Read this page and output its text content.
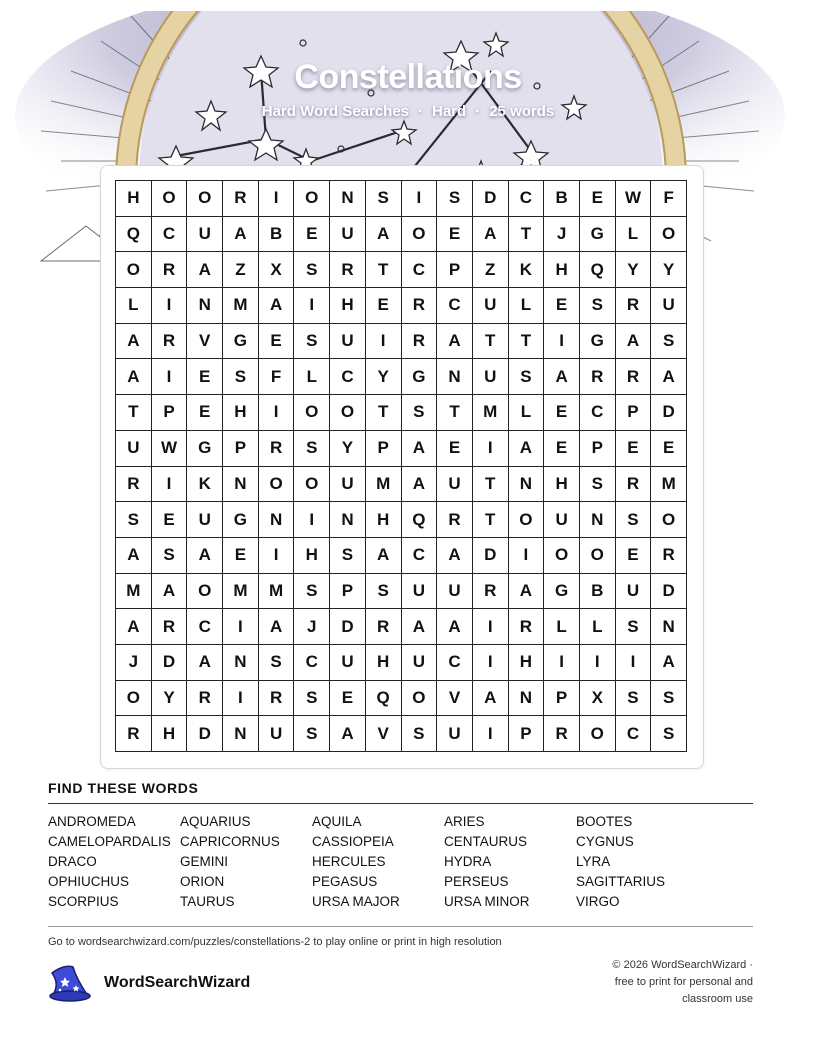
Constellations
Hard Word Searches · Hard · 25 words
H	O	O	R	I	O	N	S	I	S	D	C	B	E	W	F
Q	C	U	A	B	E	U	A	O	E	A	T	J	G	L	O
O	R	A	Z	X	S	R	T	C	P	Z	K	H	Q	Y	Y
L	I	N	M	A	I	H	E	R	C	U	L	E	S	R	U
A	R	V	G	E	S	U	I	R	A	T	T	I	G	A	S
A	I	E	S	F	L	C	Y	G	N	U	S	A	R	R	A
T	P	E	H	I	O	O	T	S	T	M	L	E	C	P	D
U	W	G	P	R	S	Y	P	A	E	I	A	E	P	E	E
R	I	K	N	O	O	U	M	A	U	T	N	H	S	R	M
S	E	U	G	N	I	N	H	Q	R	T	O	U	N	S	O
A	S	A	E	I	H	S	A	C	A	D	I	O	O	E	R
M	A	O	M	M	S	P	S	U	U	R	A	G	B	U	D
A	R	C	I	A	J	D	R	A	A	I	R	L	L	S	N
J	D	A	N	S	C	U	H	U	C	I	H	I	I	I	A
O	Y	R	I	R	S	E	Q	O	V	A	N	P	X	S	S
R	H	D	N	U	S	A	V	S	U	I	P	R	O	C	S
FIND THESE WORDS
ANDROMEDA	AQUARIUS	AQUILA	ARIES	BOOTES
CAMELOPARDALIS CAPRICORNUS	CASSIOPEIA	CENTAURUS	CYGNUS
DRACO	GEMINI	HERCULES	HYDRA	LYRA
OPHIUCHUS	ORION	PEGASUS	PERSEUS	SAGITTARIUS
SCORPIUS	TAURUS	URSA MAJOR	URSA MINOR	VIRGO
Go to wordsearchwizard.com/puzzles/constellations-2 to play online or print in high resolution
WordSearchWizard
© 2026 WordSearchWizard ·
free to print for personal and
classroom use
